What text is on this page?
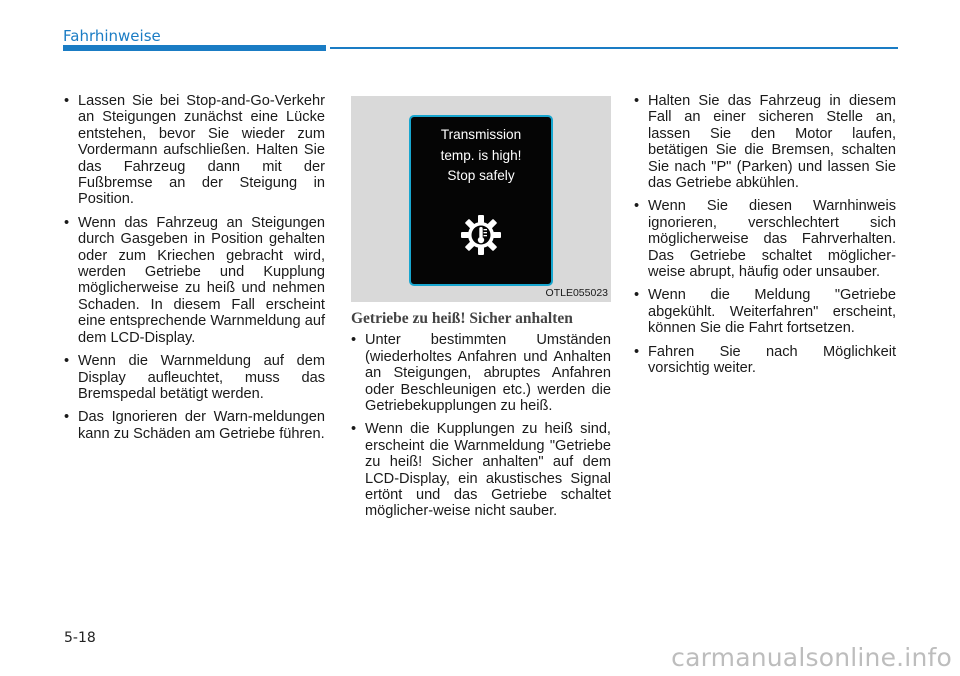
Fahrhinweise
• Lassen Sie bei Stop-and-Go-Verkehr an Steigungen zunächst eine Lücke entstehen, bevor Sie wieder zum Vordermann aufschließen. Halten Sie das Fahrzeug dann mit der Fußbremse an der Steigung in Position.
• Wenn das Fahrzeug an Steigungen durch Gasgeben in Position gehalten oder zum Kriechen gebracht wird, werden Getriebe und Kupplung möglicherweise zu heiß und nehmen Schaden. In diesem Fall erscheint eine entsprechende Warnmeldung auf dem LCD-Display.
• Wenn die Warnmeldung auf dem Display aufleuchtet, muss das Bremspedal betätigt werden.
• Das Ignorieren der Warn-meldungen kann zu Schäden am Getriebe führen.
Transmission
temp. is high!
Stop safely
OTLE055023
Getriebe zu heiß! Sicher anhalten
• Unter bestimmten Umständen (wiederholtes Anfahren und Anhalten an Steigungen, abruptes Anfahren oder Beschleunigen etc.) werden die Getriebekupplungen zu heiß.
• Wenn die Kupplungen zu heiß sind, erscheint die Warnmeldung "Getriebe zu heiß! Sicher anhalten" auf dem LCD-Display, ein akustisches Signal ertönt und das Getriebe schaltet möglicher-weise nicht sauber.
• Halten Sie das Fahrzeug in diesem Fall an einer sicheren Stelle an, lassen Sie den Motor laufen, betätigen Sie die Bremsen, schalten Sie nach "P" (Parken) und lassen Sie das Getriebe abkühlen.
• Wenn Sie diesen Warnhinweis ignorieren, verschlechtert sich möglicherweise das Fahrverhalten. Das Getriebe schaltet möglicher-weise abrupt, häufig oder unsauber.
• Wenn die Meldung "Getriebe abgekühlt. Weiterfahren" erscheint, können Sie die Fahrt fortsetzen.
• Fahren Sie nach Möglichkeit vorsichtig weiter.
5-18
carmanualsonline.info
